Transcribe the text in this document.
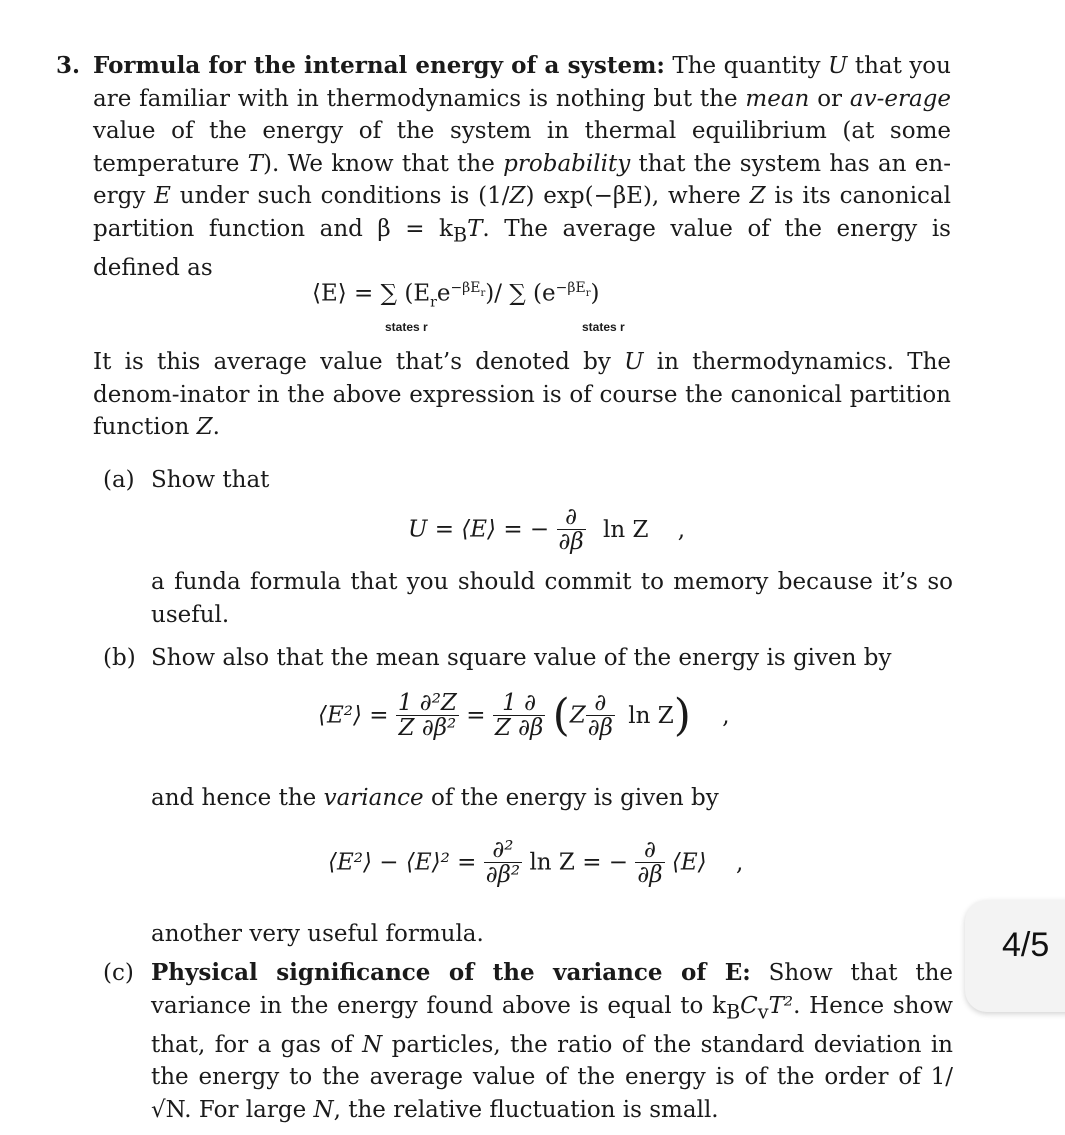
3. Formula for the internal energy of a system: The quantity U that you are familiar with in thermodynamics is nothing but the mean or av-erage value of the energy of the system in thermal equilibrium (at some temperature T). We know that the probability that the system has an en-ergy E under such conditions is (1/Z) exp(−βE), where Z is its canonical partition function and $\beta = k_BT$. The average value of the energy is defined as
⟨E⟩ = ∑ $(E_re^{-\beta E_r})/$ ∑ $(e^{-\beta E_r})$
states r	states r
It is this average value that’s denoted by U in thermodynamics. The denom-inator in the above expression is of course the canonical partition function Z.
(a) Show that
U = ⟨E⟩ = − $\frac{\partial}{\partial\beta}$ ln Z ,
a funda formula that you should commit to memory because it’s so useful.
(b) Show also that the mean square value of the energy is given by
⟨E²⟩ = $\frac{\text{1 ∂²Z}}{\text{Z ∂β²}} = \frac{1 \partial}{Z \partial\beta} (Z \frac{\partial}{\partial\beta}$ ln Z) ,
and hence the variance of the energy is given by
⟨E²⟩ − ⟨E⟩² = $\frac{\text{∂²}}{\text{∂β²}}$ ln Z = − $\frac{\partial}{\partial\beta}$ ⟨E⟩ ,
another very useful formula.
(c) Physical significance of the variance of E: Show that the variance in the energy found above is equal to $k_BC_vT^2$. Hence show that, for a gas of N particles, the ratio of the standard deviation in the energy to the average value of the energy is of the order of 1/√N. For large N, the relative fluctuation is small.
4/5
